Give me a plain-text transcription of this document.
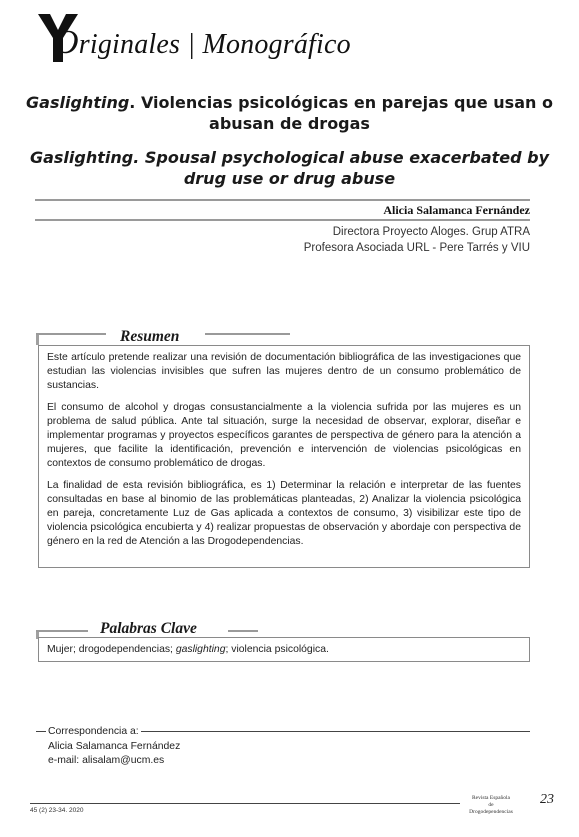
Originales | Monográfico
Gaslighting. Violencias psicológicas en parejas que usan o abusan de drogas
Gaslighting. Spousal psychological abuse exacerbated by drug use or drug abuse
Alicia Salamanca Fernández
Directora Proyecto Aloges. Grup ATRA
Profesora Asociada URL - Pere Tarrés y VIU
Resumen

Este artículo pretende realizar una revisión de documentación bibliográfica de las investigaciones que estudian las violencias invisibles que sufren las mujeres dentro de un consumo problemático de sustancias.

El consumo de alcohol y drogas consustancialmente a la violencia sufrida por las mujeres es un problema de salud pública. Ante tal situación, surge la necesidad de observar, explorar, diseñar e implementar programas y proyectos específicos garantes de perspectiva de género para la atención a mujeres, que facilite la identificación, prevención e intervención de violencias psicológicas en contextos de consumo problemático de drogas.

La finalidad de esta revisión bibliográfica, es 1) Determinar la relación e interpretar de las fuentes consultadas en base al binomio de las problemáticas planteadas, 2) Analizar la violencia psicológica en pareja, concretamente Luz de Gas aplicada a contextos de consumo, 3) visibilizar este tipo de violencia psicológica encubierta y 4) realizar propuestas de observación y abordaje con perspectiva de género en la red de Atención a las Drogodependencias.

Palabras Clave
Mujer; drogodependencias; gaslighting; violencia psicológica.
Correspondencia a:
Alicia Salamanca Fernández
e-mail: alisalam@ucm.es
45 (2) 23-34. 2020
Revista Española
de
Drogodependencias
23
